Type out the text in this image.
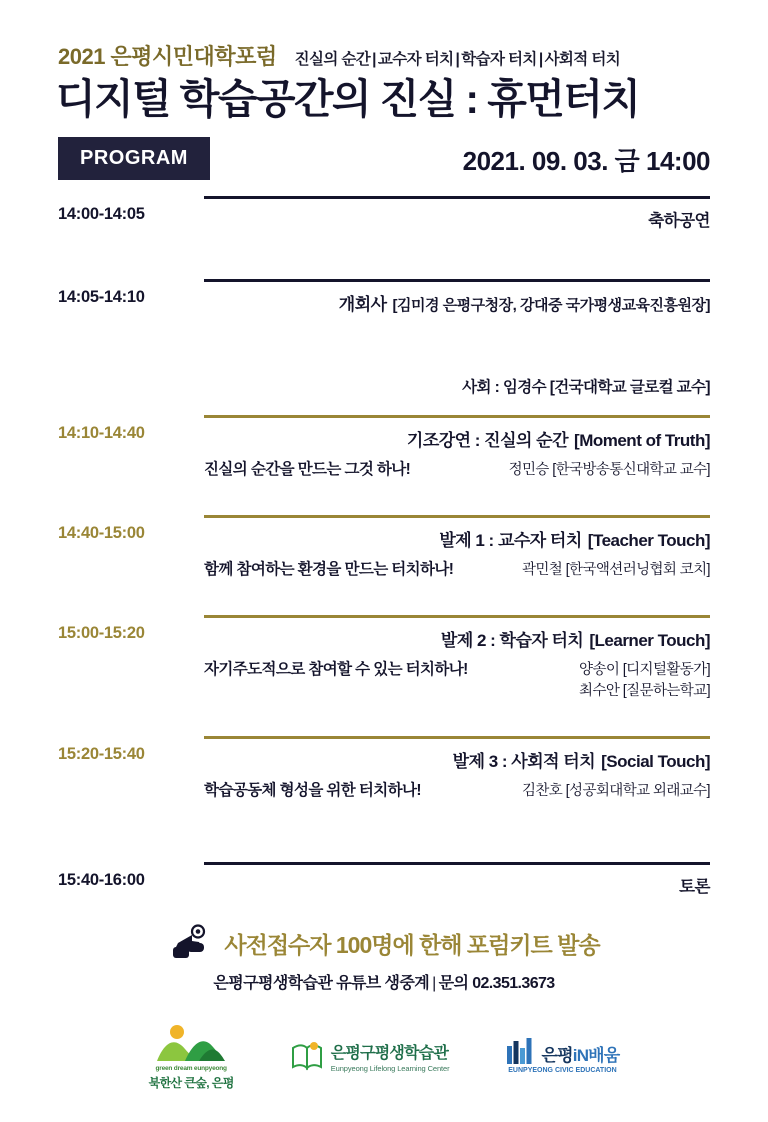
2021 은평시민대학포럼 진실의 순간 | 교수자 터치 | 학습자 터치 | 사회적 터치
디지털 학습공간의 진실 : 휴먼터치
PROGRAM	2021. 09. 03. 금 14:00
14:00-14:05	축하공연
14:05-14:10	개회사 [김미경 은평구청장, 강대중 국가평생교육진흥원장]
사회 : 임경수 [건국대학교 글로컬 교수]
14:10-14:40	기조강연 : 진실의 순간 [Moment of Truth]
진실의 순간을 만드는 그것 하나!	정민승 [한국방송통신대학교 교수]
14:40-15:00	발제 1 : 교수자 터치 [Teacher Touch]
함께 참여하는 환경을 만드는 터치하나!	곽민철 [한국액션러닝협회 코치]
15:00-15:20	발제 2 : 학습자 터치 [Learner Touch]
자기주도적으로 참여할 수 있는 터치하나!	양송이 [디지털활동가]
최수안 [질문하는학교]
15:20-15:40	발제 3 : 사회적 터치 [Social Touch]
학습공동체 형성을 위한 터치하나!	김찬호 [성공회대학교 외래교수]
15:40-16:00	토론
사전접수자 100명에 한해 포럼키트 발송
은평구평생학습관 유튜브 생중계 | 문의 02.351.3673
green dream eunpyeong
북한산 큰숲, 은평
은평구평생학습관
Eunpyeong Lifelong Learning Center
은평iN배움
EUNPYEONG CIVIC EDUCATION
